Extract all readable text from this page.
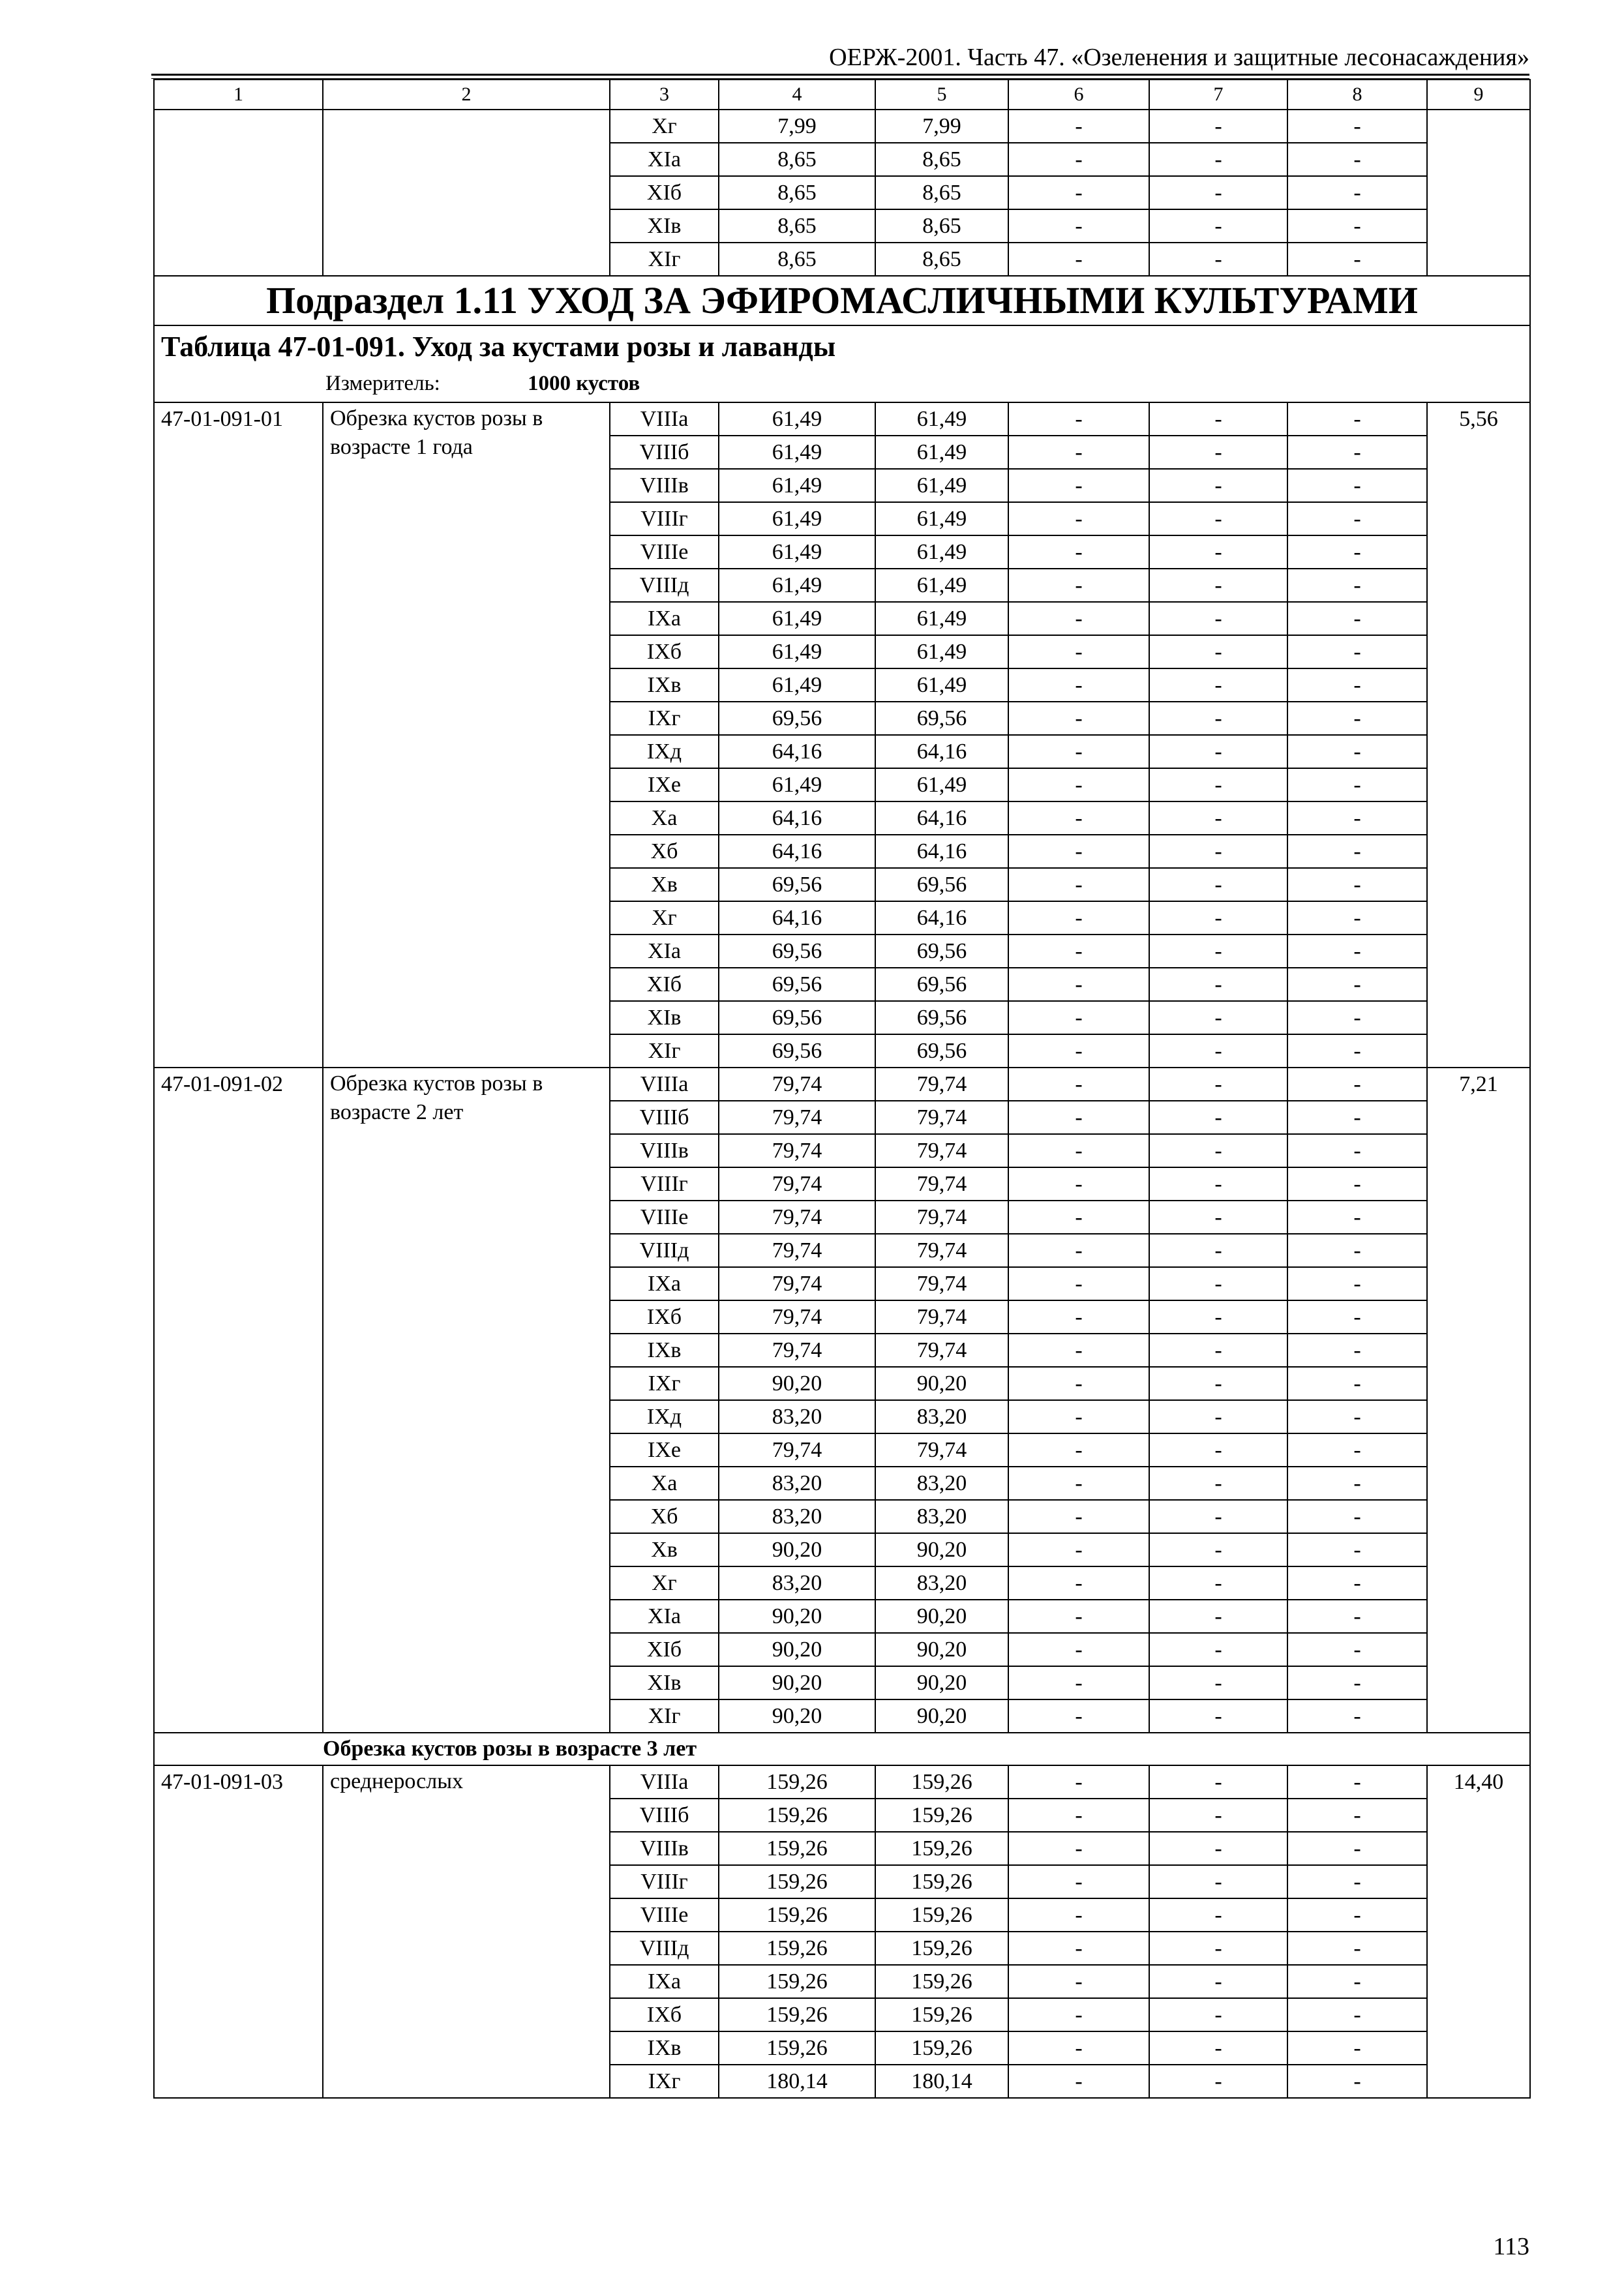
ОЕРЖ-2001. Часть 47. «Озеленения и защитные лесонасаждения»
1	2	3	4	5	6	7	8	9
		Xг	7,99	7,99	-	-	-	
		XIа	8,65	8,65	-	-	-	
		XIб	8,65	8,65	-	-	-	
		XIв	8,65	8,65	-	-	-	
		XIг	8,65	8,65	-	-	-	
Подраздел 1.11 УХОД ЗА ЭФИРОМАСЛИЧНЫМИ КУЛЬТУРАМИ								

Таблица 47-01-091. Уход за кустами розы и лаванды
Измеритель: 1000 кустов								

47-01-091-01	Обрезка кустов розы в возрасте 1 года	VIIIа	61,49	61,49	-	-	-	5,56
		VIIIб	61,49	61,49	-	-	-	
		VIIIв	61,49	61,49	-	-	-	
		VIIIг	61,49	61,49	-	-	-	
		VIIIе	61,49	61,49	-	-	-	
		VIIIд	61,49	61,49	-	-	-	
		IXа	61,49	61,49	-	-	-	
		IXб	61,49	61,49	-	-	-	
		IXв	61,49	61,49	-	-	-	
		IXг	69,56	69,56	-	-	-	
		IXд	64,16	64,16	-	-	-	
		IXе	61,49	61,49	-	-	-	
		Xа	64,16	64,16	-	-	-	
		Xб	64,16	64,16	-	-	-	
		Xв	69,56	69,56	-	-	-	
		Xг	64,16	64,16	-	-	-	
		XIа	69,56	69,56	-	-	-	
		XIб	69,56	69,56	-	-	-	
		XIв	69,56	69,56	-	-	-	
		XIг	69,56	69,56	-	-	-	
47-01-091-02	Обрезка кустов розы в возрасте 2 лет	VIIIа	79,74	79,74	-	-	-	7,21
		VIIIб	79,74	79,74	-	-	-	
		VIIIв	79,74	79,74	-	-	-	
		VIIIг	79,74	79,74	-	-	-	
		VIIIе	79,74	79,74	-	-	-	
		VIIIд	79,74	79,74	-	-	-	
		IXа	79,74	79,74	-	-	-	
		IXб	79,74	79,74	-	-	-	
		IXв	79,74	79,74	-	-	-	
		IXг	90,20	90,20	-	-	-	
		IXд	83,20	83,20	-	-	-	
		IXе	79,74	79,74	-	-	-	
		Xа	83,20	83,20	-	-	-	
		Xб	83,20	83,20	-	-	-	
		Xв	90,20	90,20	-	-	-	
		Xг	83,20	83,20	-	-	-	
		XIа	90,20	90,20	-	-	-	
		XIб	90,20	90,20	-	-	-	
		XIв	90,20	90,20	-	-	-	
		XIг	90,20	90,20	-	-	-	
Обрезка кустов розы в возрасте 3 лет								
47-01-091-03	среднерослых	VIIIа	159,26	159,26	-	-	-	14,40
		VIIIб	159,26	159,26	-	-	-	
		VIIIв	159,26	159,26	-	-	-	
		VIIIг	159,26	159,26	-	-	-	
		VIIIе	159,26	159,26	-	-	-	
		VIIIд	159,26	159,26	-	-	-	
		IXа	159,26	159,26	-	-	-	
		IXб	159,26	159,26	-	-	-	
		IXв	159,26	159,26	-	-	-	
		IXг	180,14	180,14	-	-	-	
113
